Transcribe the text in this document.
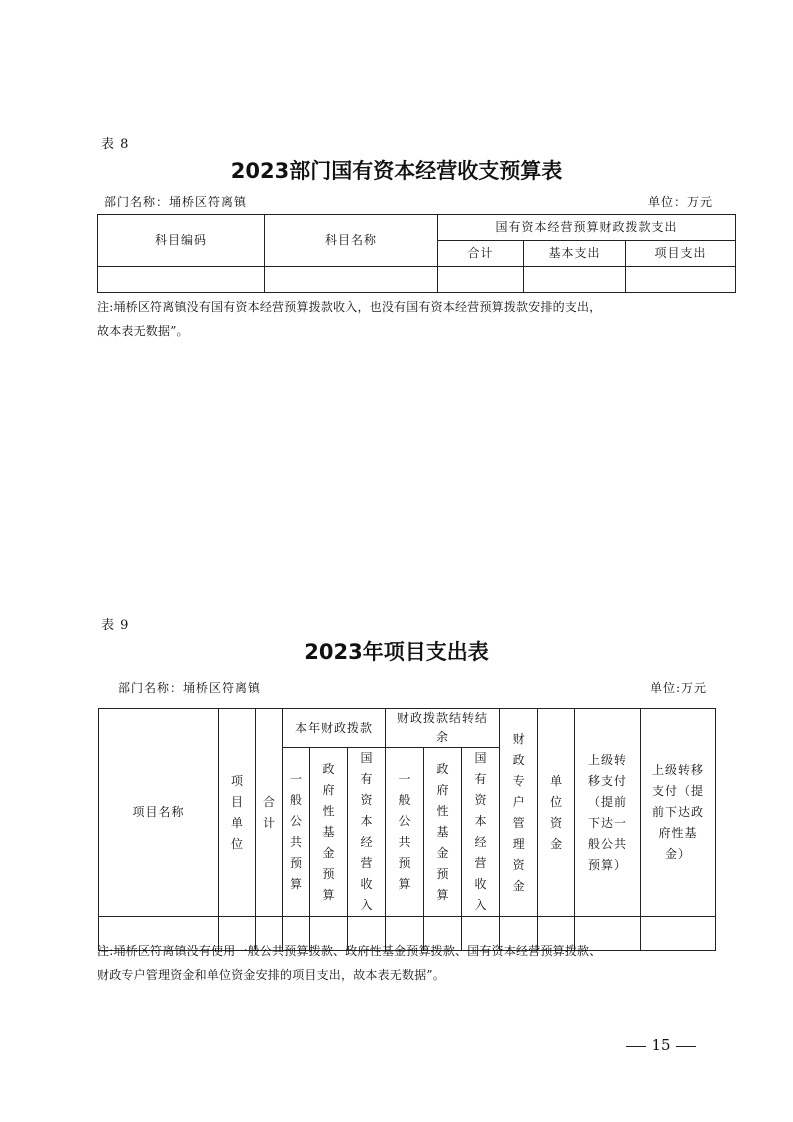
表 8
2023部门国有资本经营收支预算表
部门名称：埇桥区符离镇	单位：万元
科目编码	科目名称	国有资本经营预算财政拨款支出		
		合计	基本支出	项目支出

注:埇桥区符离镇没有国有资本经营预算拨款收入，也没有国有资本经营预算拨款安排的支出，
故本表无数据”。
表 9
2023年项目支出表
部门名称：埇桥区符离镇	单位:万元
项目名称	项目单位	合计	本年财政拨款			财政拨款结转结余			财政专户管理资金	单位资金	上级转移支付（提前下达一般公共预算）	上级转移支付（提前下达政府性基金）
			一般公共预算	政府性基金预算	国有资本经营收入	一般公共预算	政府性基金预算	国有资本经营收入				

注:埇桥区符离镇没有使用一般公共预算拨款、政府性基金预算拨款、国有资本经营预算拨款、
财政专户管理资金和单位资金安排的项目支出，故本表无数据”。
15
